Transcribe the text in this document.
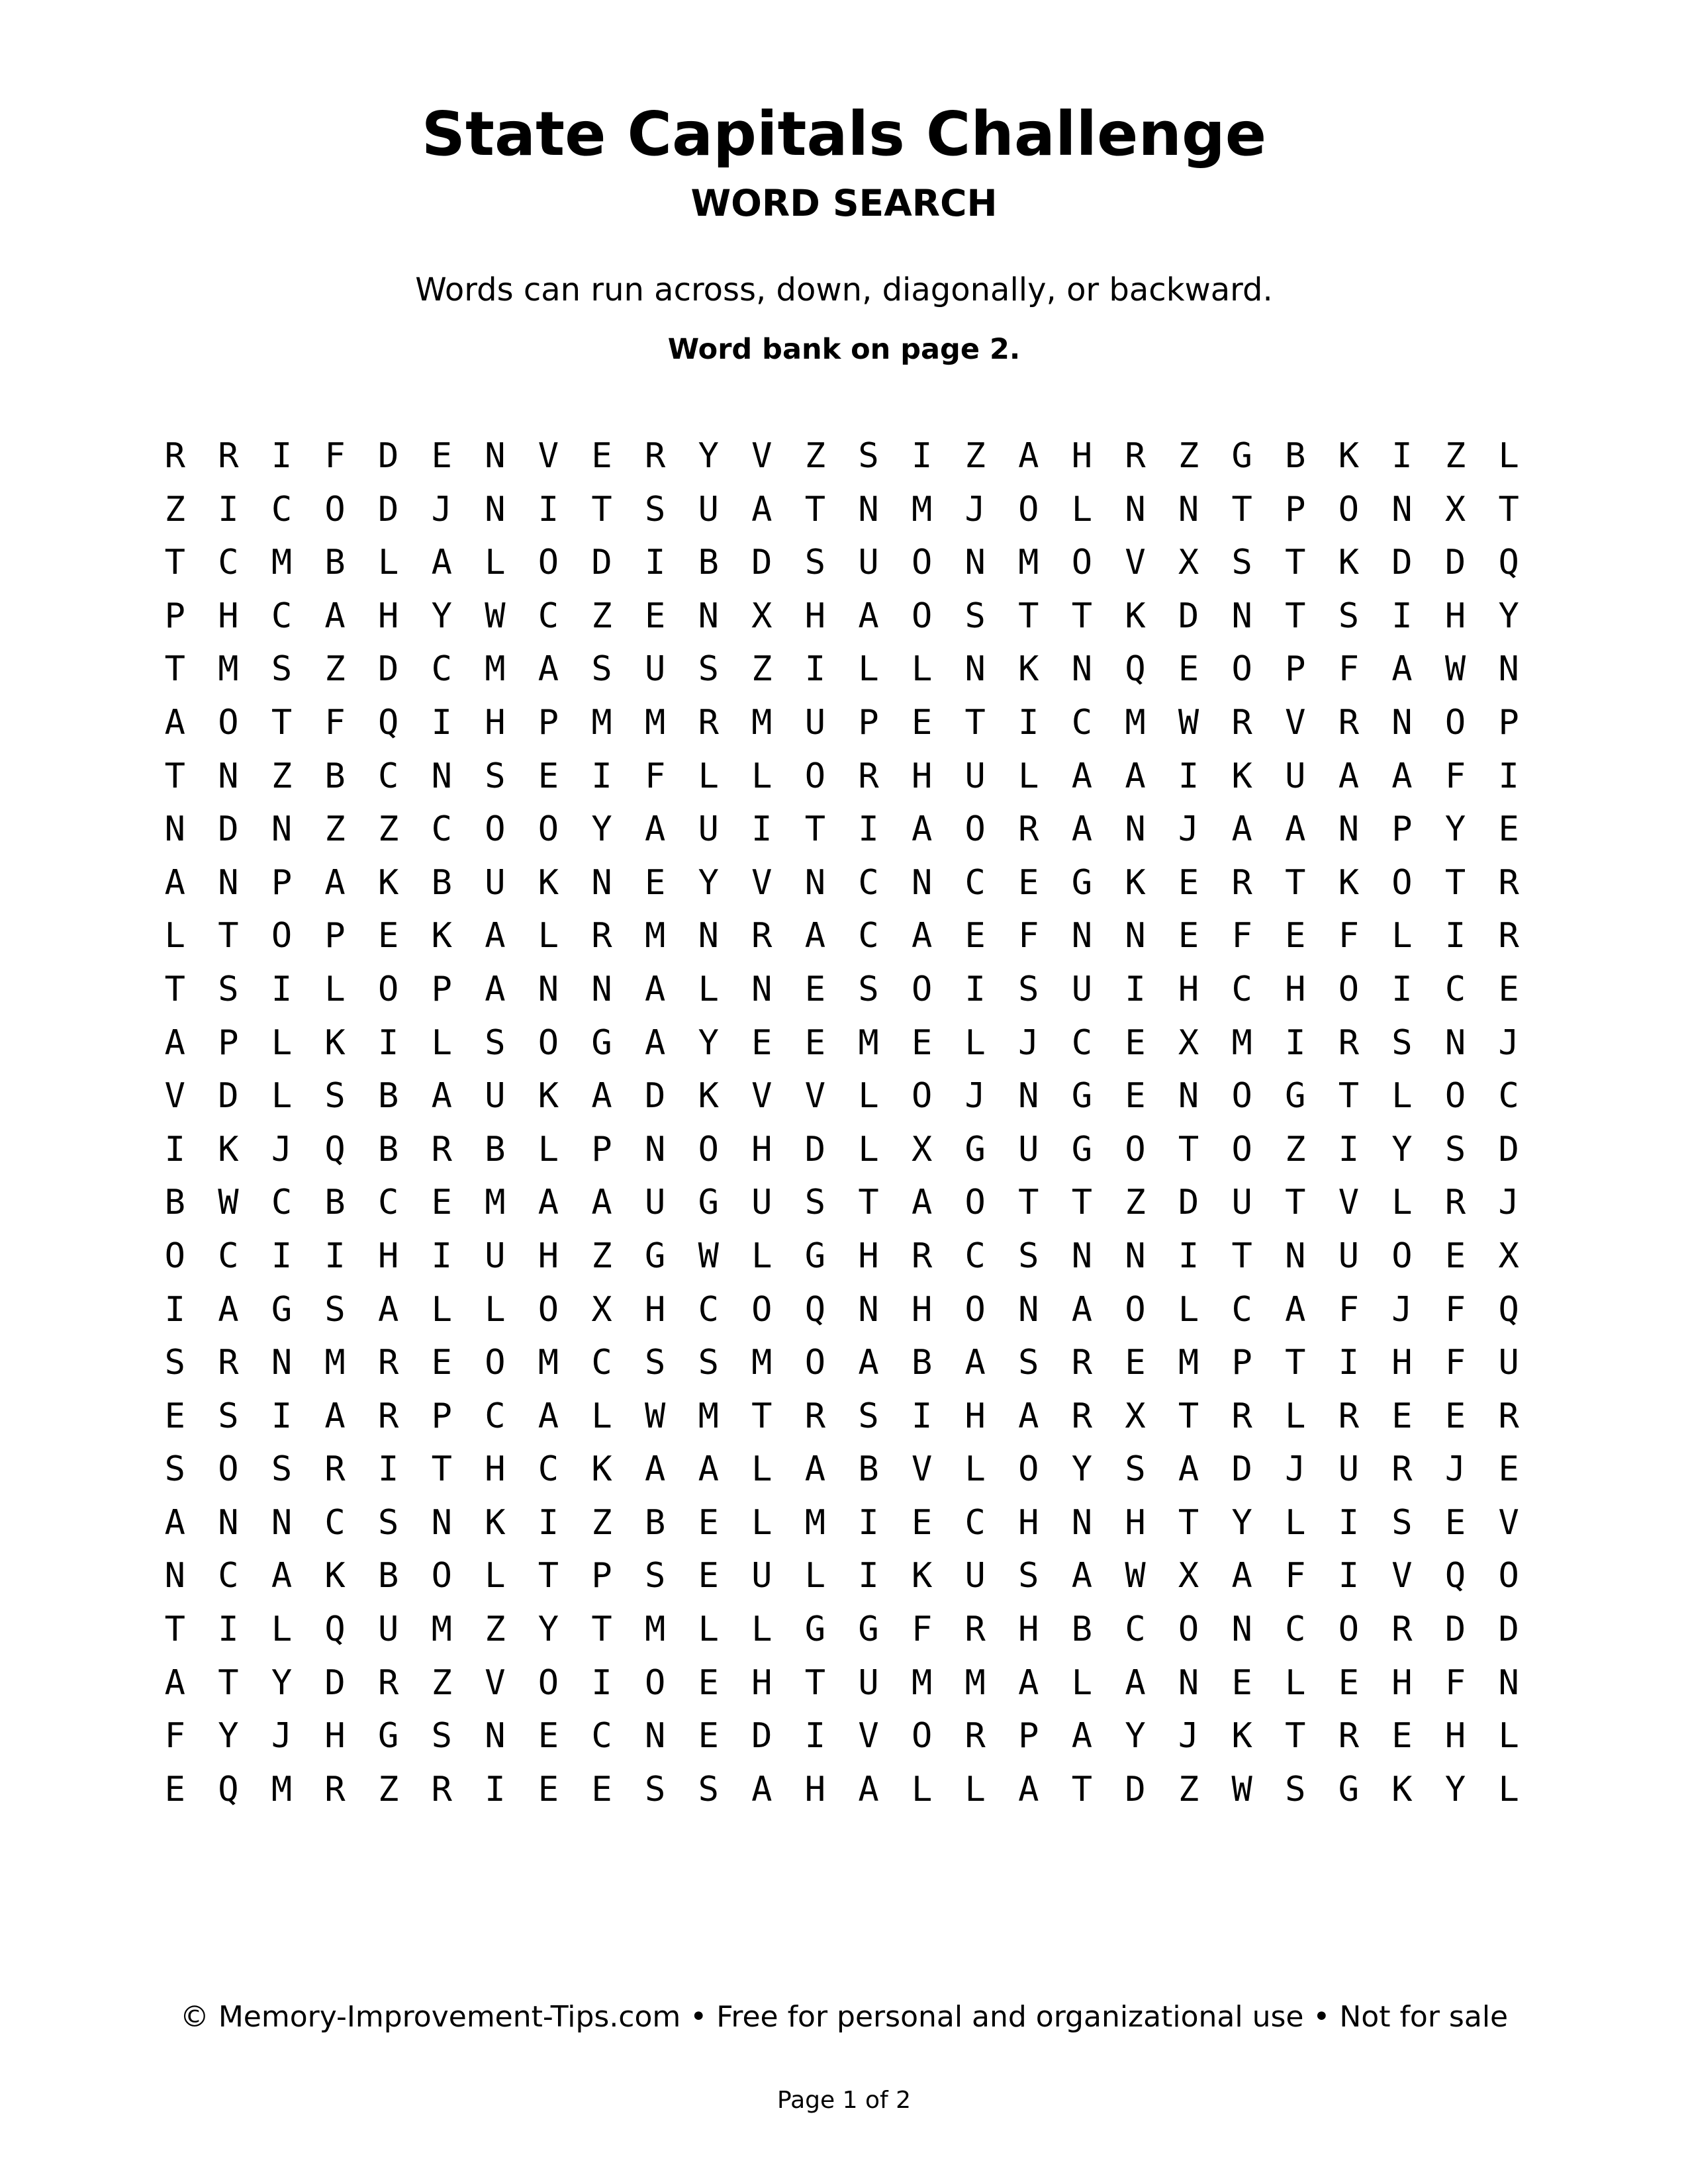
State Capitals Challenge
WORD SEARCH
Words can run across, down, diagonally, or backward.
Word bank on page 2.
R R I F D E N V E R Y V Z S I Z A H R Z G B K I Z L
Z I C O D J N I T S U A T N M J O L N N T P O N X T
T C M B L A L O D I B D S U O N M O V X S T K D D Q
P H C A H Y W C Z E N X H A O S T T K D N T S I H Y
T M S Z D C M A S U S Z I L L N K N Q E O P F A W N
A O T F Q I H P M M R M U P E T I C M W R V R N O P
T N Z B C N S E I F L L O R H U L A A I K U A A F I
N D N Z Z C O O Y A U I T I A O R A N J A A N P Y E
A N P A K B U K N E Y V N C N C E G K E R T K O T R
L T O P E K A L R M N R A C A E F N N E F E F L I R
T S I L O P A N N A L N E S O I S U I H C H O I C E
A P L K I L S O G A Y E E M E L J C E X M I R S N J
V D L S B A U K A D K V V L O J N G E N O G T L O C
I K J Q B R B L P N O H D L X G U G O T O Z I Y S D
B W C B C E M A A U G U S T A O T T Z D U T V L R J
O C I I H I U H Z G W L G H R C S N N I T N U O E X
I A G S A L L O X H C O Q N H O N A O L C A F J F Q
S R N M R E O M C S S M O A B A S R E M P T I H F U
E S I A R P C A L W M T R S I H A R X T R L R E E R
S O S R I T H C K A A L A B V L O Y S A D J U R J E
A N N C S N K I Z B E L M I E C H N H T Y L I S E V
N C A K B O L T P S E U L I K U S A W X A F I V Q O
T I L Q U M Z Y T M L L G G F R H B C O N C O R D D
A T Y D R Z V O I O E H T U M M A L A N E L E H F N
F Y J H G S N E C N E D I V O R P A Y J K T R E H L
E Q M R Z R I E E S S A H A L L A T D Z W S G K Y L
© Memory-Improvement-Tips.com • Free for personal and organizational use • Not for sale
Page 1 of 2
